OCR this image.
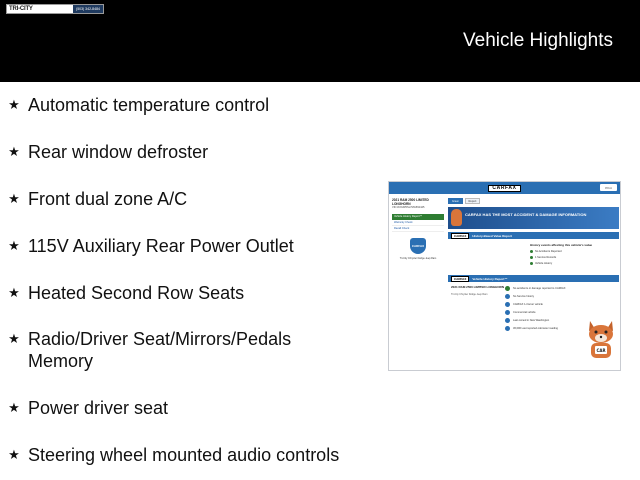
TRI-CITY	(503) 342-8484
Vehicle Highlights
★ Automatic temperature control
★ Rear window defroster
★ Front dual zone A/C
★ 115V Auxiliary Rear Power Outlet
★ Heated Second Row Seats
★ Radio/Driver Seat/Mirrors/Pedals Memory
★ Power driver seat
★ Steering wheel mounted audio controls
CARFAX	Print
2021 RAM 2500 LIMITED LONGHORN
VIN 3C6UR5SL7MG562445
Vehicle History Report™
Warranty Check
Recall Check
CARFAX
Tri-City Chrysler Dodge Jeep Ram
Great	Report
CARFAX HAS THE MOST ACCIDENT & DAMAGE INFORMATION
CARFAX	History-Based Value Report
History events affecting this vehicle's value
No Accidents Reported
1 Service Records
Vehicle History
CARFAX	Vehicle History Report™
2021 RAM 2500 LIMITED LONGHORN
Tri-City Chrysler Dodge Jeep Ram
No accidents or damage reported to CARFAX
No Service history
CARFAX 1-Owner vehicle
Commercial vehicle
Last owned in New Washington
36,096 Last reported odometer reading
CAR
